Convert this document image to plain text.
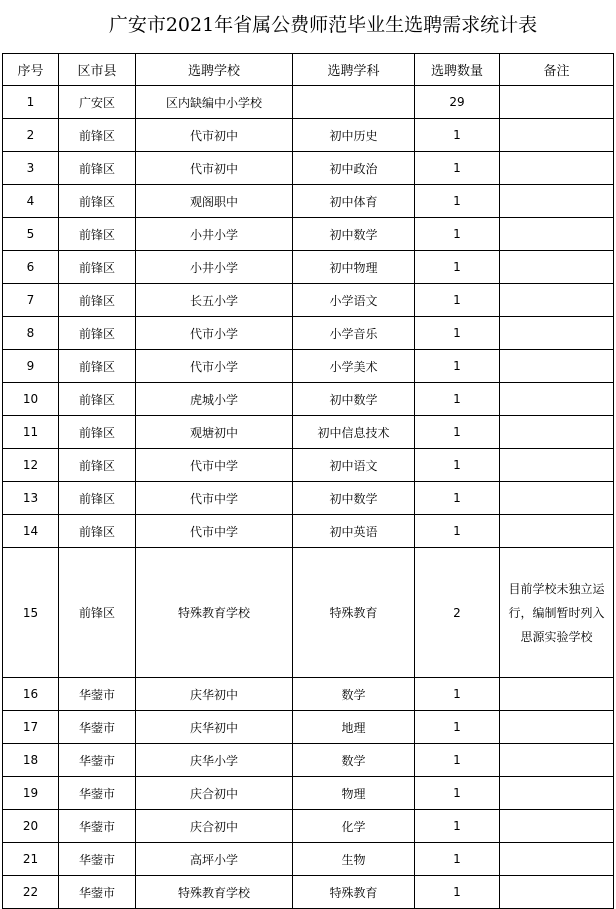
广安市2021年省属公费师范毕业生选聘需求统计表
序号	区市县	选聘学校	选聘学科	选聘数量	备注
1	广安区	区内缺编中小学校		29	
2	前锋区	代市初中	初中历史	1	
3	前锋区	代市初中	初中政治	1	
4	前锋区	观阁职中	初中体育	1	
5	前锋区	小井小学	初中数学	1	
6	前锋区	小井小学	初中物理	1	
7	前锋区	长五小学	小学语文	1	
8	前锋区	代市小学	小学音乐	1	
9	前锋区	代市小学	小学美术	1	
10	前锋区	虎城小学	初中数学	1	
11	前锋区	观塘初中	初中信息技术	1	
12	前锋区	代市中学	初中语文	1	
13	前锋区	代市中学	初中数学	1	
14	前锋区	代市中学	初中英语	1	
15	前锋区	特殊教育学校	特殊教育	2	目前学校未独立运行，编制暂时列入思源实验学校
16	华蓥市	庆华初中	数学	1	
17	华蓥市	庆华初中	地理	1	
18	华蓥市	庆华小学	数学	1	
19	华蓥市	庆合初中	物理	1	
20	华蓥市	庆合初中	化学	1	
21	华蓥市	高坪小学	生物	1	
22	华蓥市	特殊教育学校	特殊教育	1	
